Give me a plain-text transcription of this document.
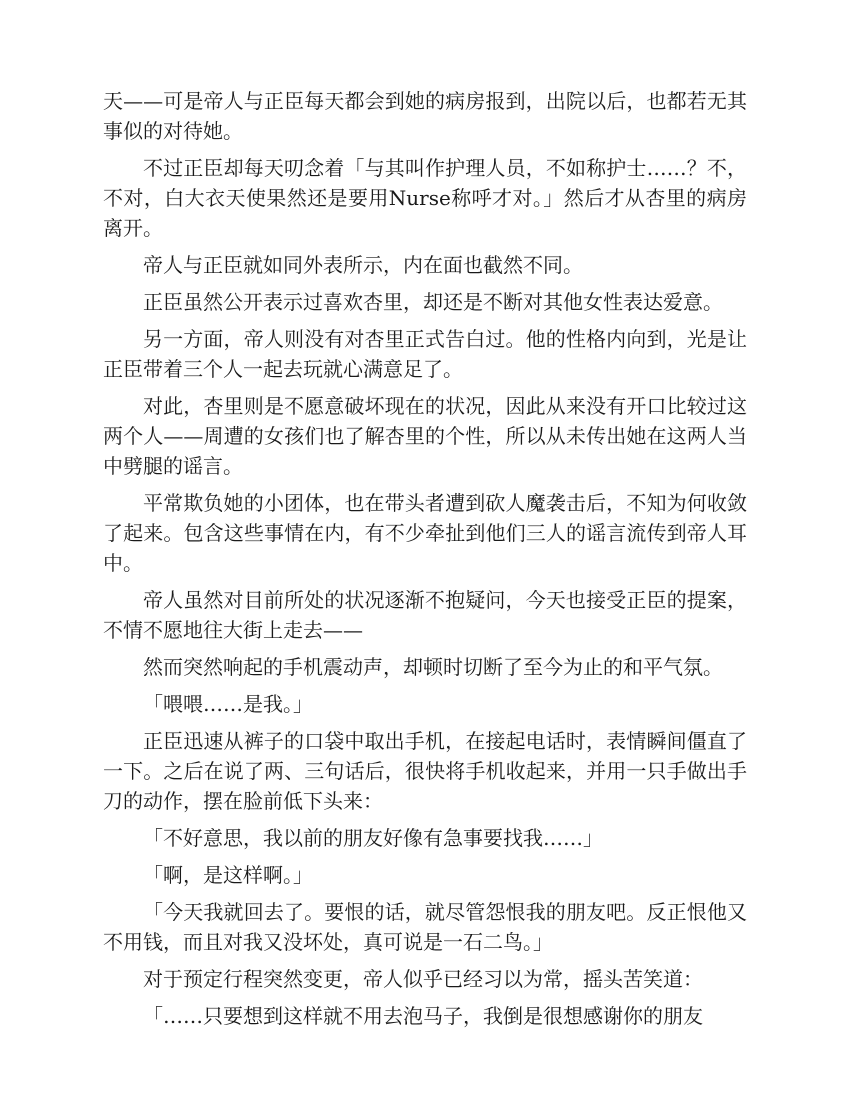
天——可是帝人与正臣每天都会到她的病房报到，出院以后，也都若无其事似的对待她。

不过正臣却每天叨念着「与其叫作护理人员，不如称护士……？不，不对，白大衣天使果然还是要用Nurse称呼才对。」然后才从杏里的病房离开。

帝人与正臣就如同外表所示，内在面也截然不同。

正臣虽然公开表示过喜欢杏里，却还是不断对其他女性表达爱意。

另一方面，帝人则没有对杏里正式告白过。他的性格内向到，光是让正臣带着三个人一起去玩就心满意足了。

对此，杏里则是不愿意破坏现在的状况，因此从来没有开口比较过这两个人——周遭的女孩们也了解杏里的个性，所以从未传出她在这两人当中劈腿的谣言。

平常欺负她的小团体，也在带头者遭到砍人魔袭击后，不知为何收敛了起来。包含这些事情在内，有不少牵扯到他们三人的谣言流传到帝人耳中。

帝人虽然对目前所处的状况逐渐不抱疑问，今天也接受正臣的提案，不情不愿地往大街上走去——

然而突然响起的手机震动声，却顿时切断了至今为止的和平气氛。

「喂喂……是我。」

正臣迅速从裤子的口袋中取出手机，在接起电话时，表情瞬间僵直了一下。之后在说了两、三句话后，很快将手机收起来，并用一只手做出手刀的动作，摆在脸前低下头来：

「不好意思，我以前的朋友好像有急事要找我……」

「啊，是这样啊。」

「今天我就回去了。要恨的话，就尽管怨恨我的朋友吧。反正恨他又不用钱，而且对我又没坏处，真可说是一石二鸟。」

对于预定行程突然变更，帝人似乎已经习以为常，摇头苦笑道：

「……只要想到这样就不用去泡马子，我倒是很想感谢你的朋友
